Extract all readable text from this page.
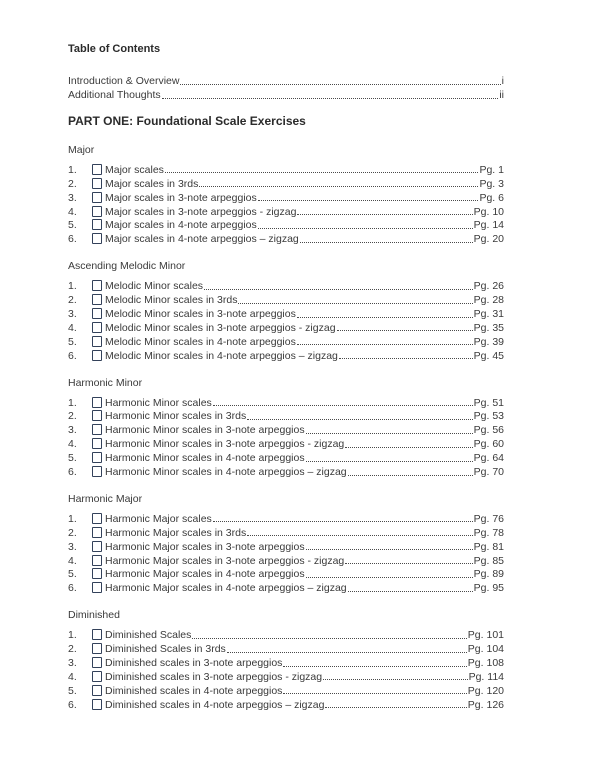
Table of Contents
Introduction & Overview	i
Additional Thoughts	ii
PART ONE: Foundational Scale Exercises
Major
1.	Major scales	Pg. 1
2.	Major scales in 3rds	Pg. 3
3.	Major scales in 3-note arpeggios	Pg. 6
4.	Major scales in 3-note arpeggios - zigzag	Pg. 10
5.	Major scales in 4-note arpeggios	Pg. 14
6.	Major scales in 4-note arpeggios – zigzag	Pg. 20
Ascending Melodic Minor
1.	Melodic Minor scales	Pg. 26
2.	Melodic Minor scales in 3rds	Pg. 28
3.	Melodic Minor scales in 3-note arpeggios	Pg. 31
4.	Melodic Minor scales in 3-note arpeggios - zigzag	Pg. 35
5.	Melodic Minor scales in 4-note arpeggios	Pg. 39
6.	Melodic Minor scales in 4-note arpeggios – zigzag	Pg. 45
Harmonic Minor
1.	Harmonic Minor scales	Pg. 51
2.	Harmonic Minor scales in 3rds	Pg. 53
3.	Harmonic Minor scales in 3-note arpeggios	Pg. 56
4.	Harmonic Minor scales in 3-note arpeggios - zigzag	Pg. 60
5.	Harmonic Minor scales in 4-note arpeggios	Pg. 64
6.	Harmonic Minor scales in 4-note arpeggios – zigzag	Pg. 70
Harmonic Major
1.	Harmonic Major scales	Pg. 76
2.	Harmonic Major scales in 3rds	Pg. 78
3.	Harmonic Major scales in 3-note arpeggios	Pg. 81
4.	Harmonic Major scales in 3-note arpeggios - zigzag	Pg. 85
5.	Harmonic Major scales in 4-note arpeggios	Pg. 89
6.	Harmonic Major scales in 4-note arpeggios – zigzag	Pg. 95
Diminished
1.	Diminished Scales	Pg. 101
2.	Diminished Scales in 3rds	Pg. 104
3.	Diminished scales in 3-note arpeggios	Pg. 108
4.	Diminished scales in 3-note arpeggios - zigzag	Pg. 114
5.	Diminished scales in 4-note arpeggios	Pg. 120
6.	Diminished scales in 4-note arpeggios – zigzag	Pg. 126
